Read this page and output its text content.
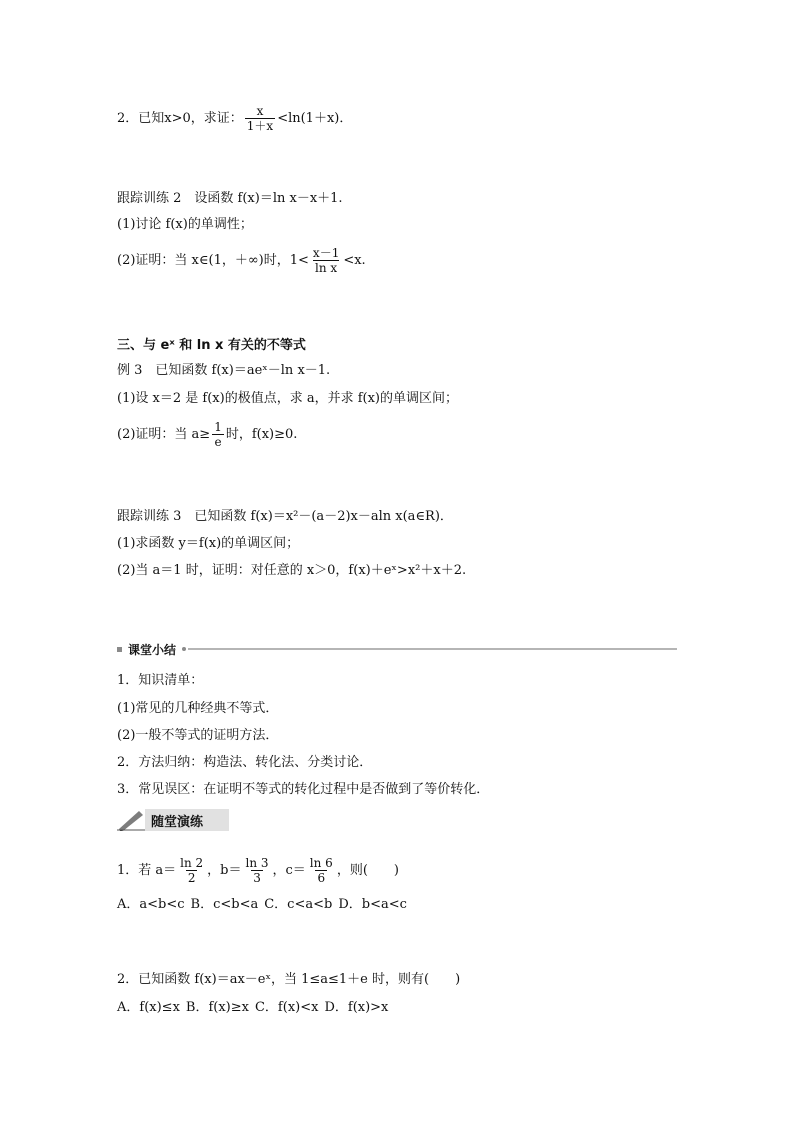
2．已知x>0，求证： $\frac{x}{1+x} <\ln(1+x)$．
跟踪训练 2　设函数 f(x)＝ln x－x＋1.
(1)讨论 f(x)的单调性；
(2)证明：当 x∈(1，＋∞)时，$1< \frac{x-1}{\text{ln x}} <x$.
三、与 eˣ 和 ln x 有关的不等式
例 3　已知函数 f(x)＝aeˣ－ln x－1.
(1)设 x＝2 是 f(x)的极值点，求 a，并求 f(x)的单调区间；
(2)证明：当 $a\ge \frac{1}{e}$ 时，f(x)≥0.
跟踪训练 3　已知函数 f(x)＝x²－(a－2)x－aln x(a∈R)．
(1)求函数 y＝f(x)的单调区间；
(2)当 a＝1 时，证明：对任意的 x＞0，f(x)＋eˣ>x²＋x＋2.
课堂小结
1．知识清单：
(1)常见的几种经典不等式．
(2)一般不等式的证明方法．
2．方法归纳：构造法、转化法、分类讨论．
3．常见误区：在证明不等式的转化过程中是否做到了等价转化．
随堂演练
1．若 $a= \frac{\ln 2}{2}$ ，$b= \frac{\ln 3}{3}$ ，$c= \frac{\ln 6}{6}$ ，则(　　)
A．a<b<c B．c<b<a C．c<a<b D．b<a<c
2．已知函数 f(x)＝ax－eˣ，当 1≤a≤1＋e 时，则有(　　)
A．f(x)≤x B．f(x)≥x C．f(x)<x D．f(x)>x
